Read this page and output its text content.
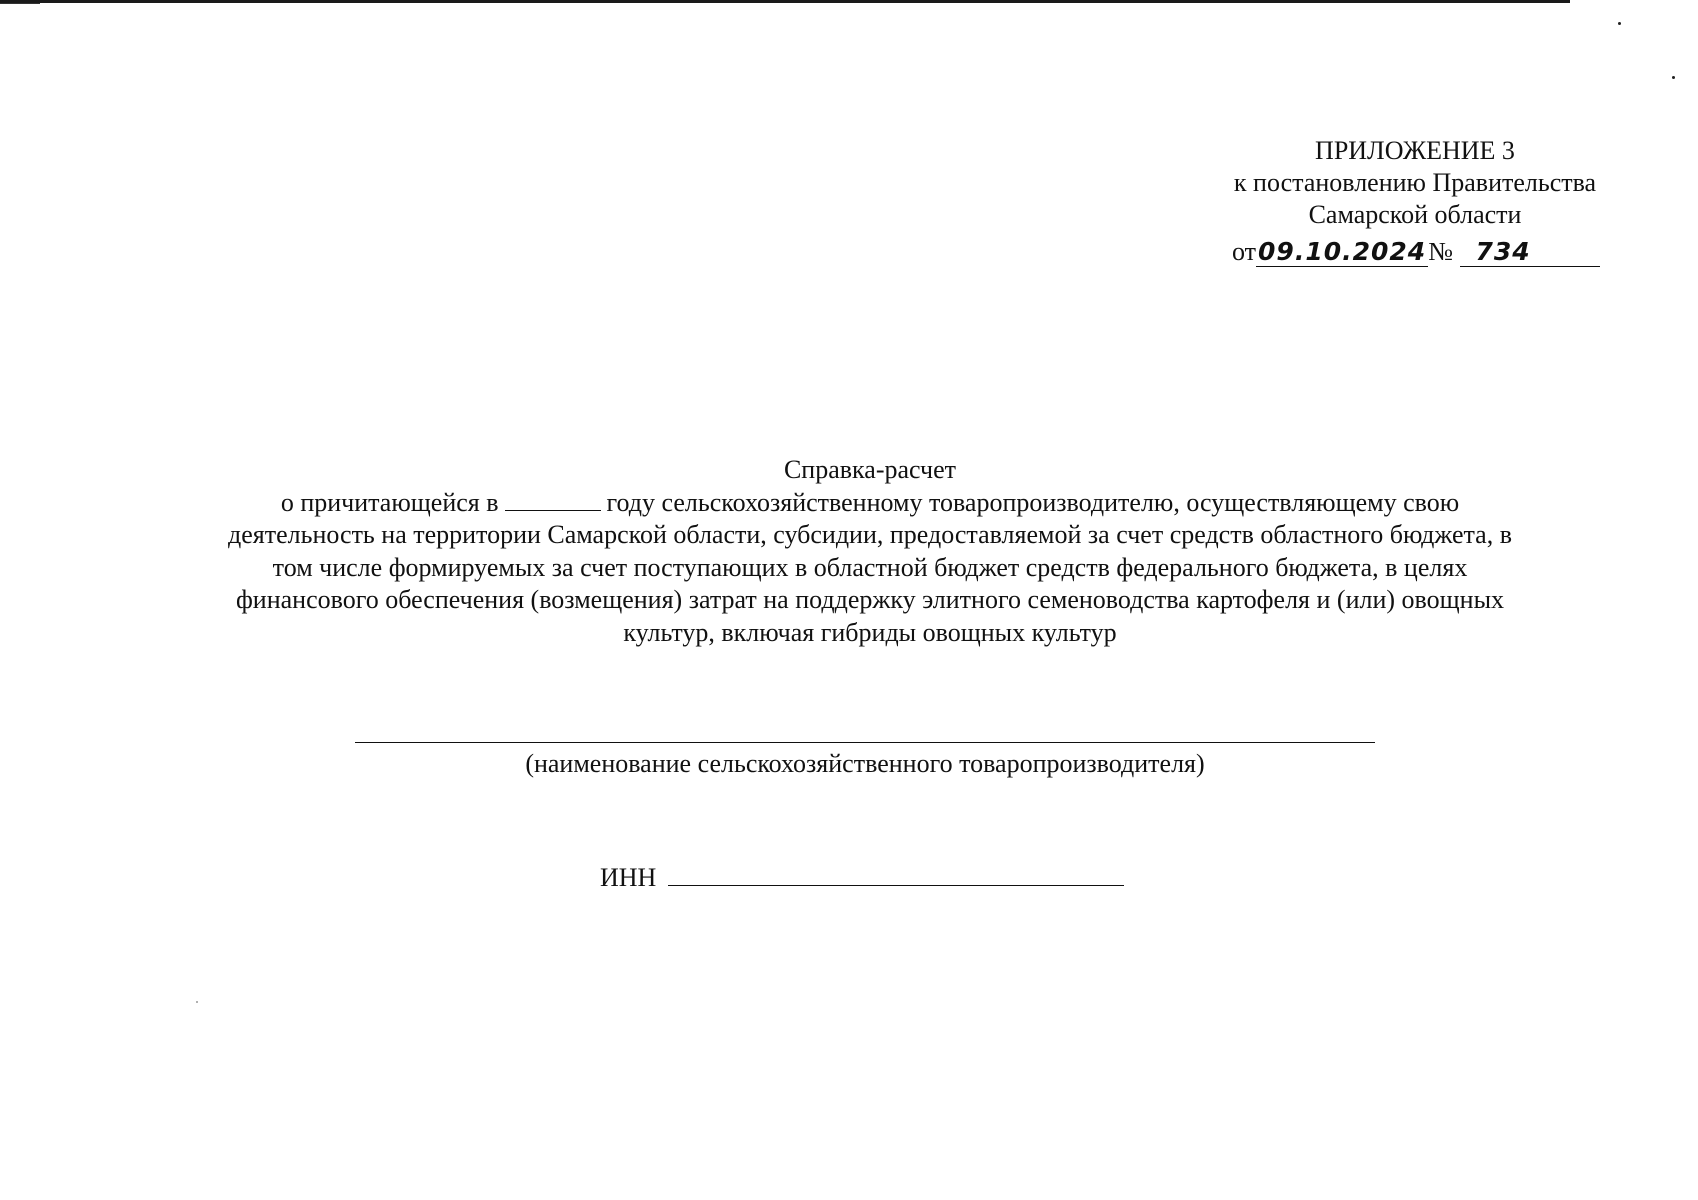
ПРИЛОЖЕНИЕ 3
к постановлению Правительства
Самарской области
от09.10.2024№ 734
Справка-расчет
о причитающейся в	году сельскохозяйственному товаропроизводителю, осуществляющему свою
деятельность на территории Самарской области, субсидии, предоставляемой за счет средств областного бюджета, в
том числе формируемых за счет поступающих в областной бюджет средств федерального бюджета, в целях
финансового обеспечения (возмещения) затрат на поддержку элитного семеноводства картофеля и (или) овощных
культур, включая гибриды овощных культур
(наименование сельскохозяйственного товаропроизводителя)
ИНН
